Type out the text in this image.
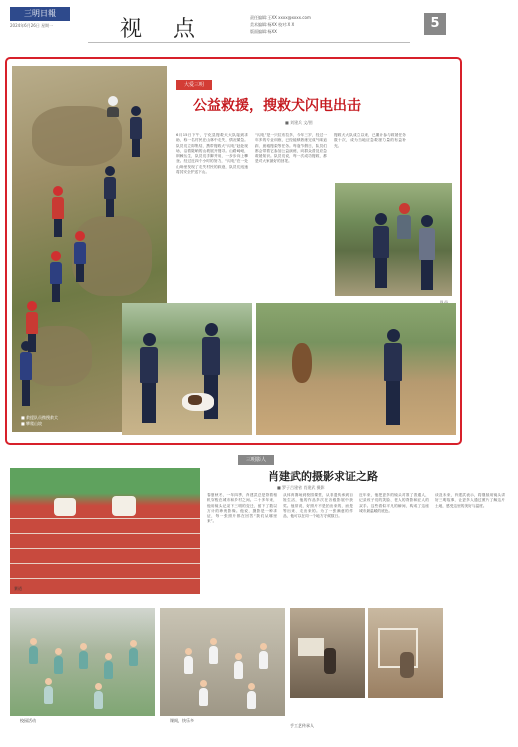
三明日報
2024年6月26日 星期一	视 点	责任编辑:王XX xxxx@xxxx.com
美术编辑:杨XX 校对:X X
版面编辑:杨XX
5
■ 救援队员携搜救犬
■ 攀爬山坡
大爱三明
公益救援，搜救犬闪电出击
■ 刘建兵 文/图
6月15日下午，宁化县搜救犬大队接到求助，称一名村民在山林中走失，情况紧急。队员们立即集结，携带搜救犬“闪电”赶赴现场，沿着陡峭的山坡展开搜寻。山路崎岖，荆棘丛生，队员们手脚并用，一步步向上攀登。经过近四个小时的努力，“闪电”在一处山坳里发现了走失村民的踪迹，队员们迅速将其安全护送下山。
“闪电”是一只拉布拉多，今年三岁，经过一年多的专业训练，已经能够熟练完成气味追踪、废墟搜索等任务。每逢节假日，队员们都会带着它参加公益演练，向群众普及应急救援知识。队员们说，每一次成功搜救，都是对大家最好的回报。
搜救犬大队成立以来，已累计参与救援任务数十次，成为当地应急救援力量的有益补充。
三明影人
肖建武的摄影求证之路
■ 罗子吕建省 肖建武 摄影
赛道
春夏秋冬，一年四季，肖建武总是背着相机穿梭在城市和乡村之间。二十多年来，他用镜头记录下三明的变迁，留下了数以万计的珍贵影像。他说，摄影是一种求证，每一张照片都在回答“我们从哪里来”。
从体育赛场到校园课堂，从非遗传承到百姓生活，他的作品多次在各级影展中获奖。他常说，好照片不是拍出来的，而是等出来、走出来的。为了一张满意的作品，他可以在同一个地方守候数日。
近年来，他把更多的镜头对准了普通人，记录孩子们的笑脸、老人的背影和匠人的双手。这些看似平凡的瞬间，构成了这座城市最温暖的底色。
谈及未来，肖建武表示，将继续用镜头讲好三明故事，让更多人通过照片了解这片土地，感受这里的美好与温度。
校园活动	课间，快乐多
手工艺传承人
